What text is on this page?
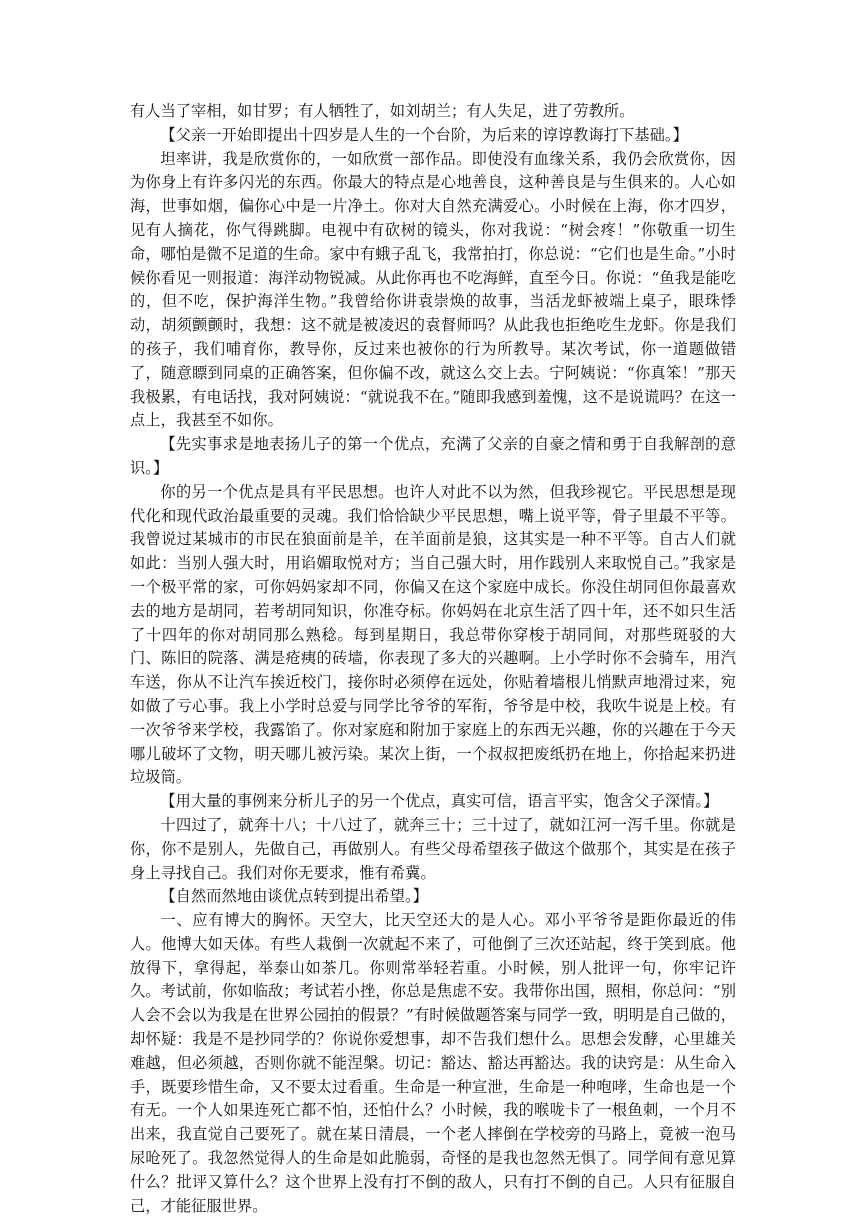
有人当了宰相，如甘罗；有人牺牲了，如刘胡兰；有人失足，进了劳教所。

【父亲一开始即提出十四岁是人生的一个台阶，为后来的谆谆教诲打下基础。】

坦率讲，我是欣赏你的，一如欣赏一部作品。即使没有血缘关系，我仍会欣赏你，因为你身上有许多闪光的东西。你最大的特点是心地善良，这种善良是与生俱来的。人心如海，世事如烟，偏你心中是一片净土。你对大自然充满爱心。小时候在上海，你才四岁，见有人摘花，你气得跳脚。电视中有砍树的镜头，你对我说：“树会疼！”你敬重一切生命，哪怕是微不足道的生命。家中有蛾子乱飞，我常拍打，你总说：“它们也是生命。”小时候你看见一则报道：海洋动物锐减。从此你再也不吃海鲜，直至今日。你说：“鱼我是能吃的，但不吃，保护海洋生物。”我曾给你讲袁崇焕的故事，当活龙虾被端上桌子，眼珠悸动，胡须颤颤时，我想：这不就是被凌迟的袁督师吗？从此我也拒绝吃生龙虾。你是我们的孩子，我们哺育你，教导你，反过来也被你的行为所教导。某次考试，你一道题做错了，随意瞟到同桌的正确答案，但你偏不改，就这么交上去。宁阿姨说：“你真笨！”那天我极累，有电话找，我对阿姨说：“就说我不在。”随即我感到羞愧，这不是说谎吗？在这一点上，我甚至不如你。

【先实事求是地表扬儿子的第一个优点，充满了父亲的自豪之情和勇于自我解剖的意识。】

你的另一个优点是具有平民思想。也许人对此不以为然，但我珍视它。平民思想是现代化和现代政治最重要的灵魂。我们恰恰缺少平民思想，嘴上说平等，骨子里最不平等。我曾说过某城市的市民在狼面前是羊，在羊面前是狼，这其实是一种不平等。自古人们就如此：当别人强大时，用谄媚取悦对方；当自己强大时，用作践别人来取悦自己。”我家是一个极平常的家，可你妈妈家却不同，你偏又在这个家庭中成长。你没住胡同但你最喜欢去的地方是胡同，若考胡同知识，你准夺标。你妈妈在北京生活了四十年，还不如只生活了十四年的你对胡同那么熟稔。每到星期日，我总带你穿梭于胡同间，对那些斑驳的大门、陈旧的院落、满是疮痍的砖墙，你表现了多大的兴趣啊。上小学时你不会骑车，用汽车送，你从不让汽车挨近校门，接你时必须停在远处，你贴着墙根儿悄默声地滑过来，宛如做了亏心事。我上小学时总爱与同学比爷爷的军衔，爷爷是中校，我吹牛说是上校。有一次爷爷来学校，我露馅了。你对家庭和附加于家庭上的东西无兴趣，你的兴趣在于今天哪儿破坏了文物，明天哪儿被污染。某次上街，一个叔叔把废纸扔在地上，你拾起来扔进垃圾筒。

【用大量的事例来分析儿子的另一个优点，真实可信，语言平实，饱含父子深情。】

十四过了，就奔十八；十八过了，就奔三十；三十过了，就如江河一泻千里。你就是你，你不是别人，先做自己，再做别人。有些父母希望孩子做这个做那个，其实是在孩子身上寻找自己。我们对你无要求，惟有希冀。

【自然而然地由谈优点转到提出希望。】

一、应有博大的胸怀。天空大，比天空还大的是人心。邓小平爷爷是距你最近的伟人。他博大如天体。有些人栽倒一次就起不来了，可他倒了三次还站起，终于笑到底。他放得下，拿得起，举泰山如茶几。你则常举轻若重。小时候，别人批评一句，你牢记许久。考试前，你如临敌；考试若小挫，你总是焦虑不安。我带你出国，照相，你总问：“别人会不会以为我是在世界公园拍的假景？”有时候做题答案与同学一致，明明是自己做的，却怀疑：我是不是抄同学的？你说你爱想事，却不告我们想什么。思想会发酵，心里雄关难越，但必须越，否则你就不能涅槃。切记：豁达、豁达再豁达。我的诀窍是：从生命入手，既要珍惜生命，又不要太过看重。生命是一种宣泄，生命是一种咆哮，生命也是一个有无。一个人如果连死亡都不怕，还怕什么？小时候，我的喉咙卡了一根鱼刺，一个月不出来，我直觉自己要死了。就在某日清晨，一个老人摔倒在学校旁的马路上，竟被一泡马尿呛死了。我忽然觉得人的生命是如此脆弱，奇怪的是我也忽然无惧了。同学间有意见算什么？批评又算什么？这个世界上没有打不倒的敌人，只有打不倒的自己。人只有征服自己，才能征服世界。
